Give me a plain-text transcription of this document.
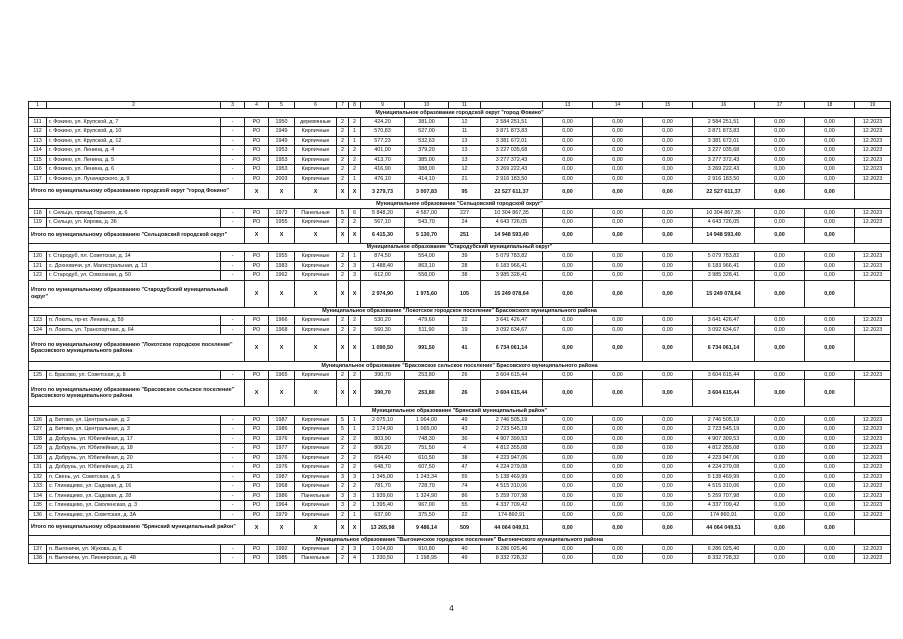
1	2	3	4	5	6	7	8	9	10	11		13	14	15	16	17	18	19
Муниципальное образование городской округ "город Фокино"																		
111	г. Фокино, ул. Крупской, д. 7	-	РО	1950	деревянные	2	2	424,20	381,00	12	2 584 251,51	0,00	0,00	0,00	2 584 251,51	0,00	0,00	12.2023
112	г. Фокино, ул. Крупской, д. 10	-	РО	1949	Кирпичные	2	1	570,83	527,00	11	3 871 873,83	0,00	0,00	0,00	3 871 873,83	0,00	0,00	12.2023
113	г. Фокино, ул. Крупской, д. 12	-	РО	1949	Кирпичные	2	1	577,23	532,63	13	3 381 672,01	0,00	0,00	0,00	3 381 672,01	0,00	0,00	12.2023
114	г. Фокино, ул. Ленина, д. 4	-	РО	1953	Кирпичные	2	2	401,00	379,20	13	3 227 035,68	0,00	0,00	0,00	3 227 035,68	0,00	0,00	12.2023
115	г. Фокино, ул. Ленина, д. 5	-	РО	1953	Кирпичные	2	2	413,70	385,00	13	3 277 372,43	0,00	0,00	0,00	3 277 372,43	0,00	0,00	12.2023
116	г. Фокино, ул. Ленина, д. 6	-	РО	1953	Кирпичные	2	2	416,90	388,00	12	3 269 222,43	0,00	0,00	0,00	3 269 222,43	0,00	0,00	12.2023
117	г. Фокино, ул. Луначарского, д. 9	-	РО	2003	Кирпичные	2	1	476,10	414,10	21	2 916 183,50	0,00	0,00	0,00	2 916 183,50	0,00	0,00	12.2023
Итого по муниципальному образованию городской округ "город Фокино"			X	X	X	X	X	3 279,73	3 007,83	95	22 527 611,37	0,00	0,00	0,00	22 527 611,37	0,00	0,00	
Муниципальное образование "Сельцовский городской округ"																		
118	г. Сельцо, проезд Горького, д. 6	-	РО	1973	Панельные	5	6	5 848,20	4 587,00	227	10 304 867,35	0,00	0,00	0,00	10 304 867,35	0,00	0,00	12.2023
119	г. Сельцо, ул. Кирова, д. 36	-	РО	1955	Кирпичные	2	2	567,10	543,70	24	4 643 726,05	0,00	0,00	0,00	4 643 726,05	0,00	0,00	12.2023
Итого по муниципальному образованию "Сельцовский городской округ"			X	X	X	X	X	6 415,30	5 130,70	251	14 948 593,40	0,00	0,00	0,00	14 948 593,40	0,00	0,00	
Муниципальное образование "Стародубский муниципальный округ"																		
120	г. Стародуб, пл. Советская, д. 14	-	РО	1955	Кирпичные	2	1	874,50	554,00	39	5 079 783,82	0,00	0,00	0,00	5 079 783,82	0,00	0,00	12.2023
121	с. Дохновичи, ул. Магистральная, д. 13	-	РО	1983	Кирпичные	2	3	1 488,40	863,10	28	6 183 966,41	0,00	0,00	0,00	6 183 966,41	0,00	0,00	12.2023
122	г. Стародуб, ул. Совхозная, д. 50	-	РО	1962	Кирпичные	2	3	612,00	558,00	38	3 985 328,41	0,00	0,00	0,00	3 985 328,41	0,00	0,00	12.2023
Итого по муниципальному образованию "Стародубский муниципальный округ"			X	X	X	X	X	2 974,90	1 975,60	105	15 249 078,64	0,00	0,00	0,00	15 249 078,64	0,00	0,00	
Муниципальное образование "Локотское городское поселение" Брасовского муниципального района																		
123	п. Локоть, пр-кт. Ленина, д. 59	-	РО	1966	Кирпичные	2	2	530,20	479,60	22	3 641 426,47	0,00	0,00	0,00	3 641 426,47	0,00	0,00	12.2023
124	п. Локоть, ул. Транспортная, д. 64	-	РО	1968	Кирпичные	2	2	560,30	511,90	19	3 092 634,67	0,00	0,00	0,00	3 092 634,67	0,00	0,00	12.2023
Итого по муниципальному образованию "Локотское городское поселение" Брасовского муниципального района			X	X	X	X	X	1 090,50	991,50	41	6 734 061,14	0,00	0,00	0,00	6 734 061,14	0,00	0,00	
Муниципальное образование "Брасовское сельское поселение" Брасовского муниципального района																		
125	с. Брасово, ул. Советская, д. 8	-	РО	1965	Кирпичные	2	2	390,70	253,80	26	3 604 615,44	0,00	0,00	0,00	3 604 615,44	0,00	0,00	12.2023
Итого по муниципальному образованию "Брасовское сельское поселение" Брасовского муниципального района			X	X	X	X	X	390,70	253,80	26	3 604 615,44	0,00	0,00	0,00	3 604 615,44	0,00	0,00	
Муниципальное образование "Брянский муниципальный район"																		
126	д. Бетово, ул. Центральная, д. 2	-	РО	1987	Кирпичные	5	1	2 075,10	1 064,00	49	2 746 505,19	0,00	0,00	0,00	2 746 505,19	0,00	0,00	12.2023
127	д. Бетово, ул. Центральная, д. 3	-	РО	1986	Кирпичные	5	1	2 174,90	1 065,00	43	2 723 545,19	0,00	0,00	0,00	2 723 545,19	0,00	0,00	12.2023
128	д. Добрунь, ул. Юбилейная, д. 17	-	РО	1976	Кирпичные	2	2	803,90	748,30	36	4 907 399,53	0,00	0,00	0,00	4 907 399,53	0,00	0,00	12.2023
129	д. Добрунь, ул. Юбилейная, д. 18	-	РО	1977	Кирпичные	2	2	806,20	751,50	4	4 812 355,08	0,00	0,00	0,00	4 812 355,08	0,00	0,00	12.2023
130	д. Добрунь, ул. Юбилейная, д. 20	-	РО	1976	Кирпичные	2	2	654,40	610,50	38	4 223 947,06	0,00	0,00	0,00	4 223 947,06	0,00	0,00	12.2023
131	д. Добрунь, ул. Юбилейная, д. 21	-	РО	1976	Кирпичные	2	2	648,70	607,50	47	4 224 279,08	0,00	0,00	0,00	4 224 279,08	0,00	0,00	12.2023
132	п. Свень, ул. Советская, д. 5	-	РО	1987	Кирпичные	3	3	1 345,00	1 243,34	55	5 138 469,99	0,00	0,00	0,00	5 138 469,99	0,00	0,00	12.2023
133	с. Глинищево, ул. Садовая, д. 16	-	РО	1968	Кирпичные	2	2	781,70	728,70	74	4 515 310,06	0,00	0,00	0,00	4 515 310,06	0,00	0,00	12.2023
134	с. Глинищево, ул. Садовая, д. 28	-	РО	1986	Панельные	3	3	1 939,60	1 324,90	86	5 259 707,98	0,00	0,00	0,00	5 259 707,98	0,00	0,00	12.2023
135	с. Глинищево, ул. Смоленская, д. 3	-	РО	1964	Кирпичные	3	2	1 395,40	967,00	55	4 337 709,42	0,00	0,00	0,00	4 337 709,42	0,00	0,00	12.2023
136	с. Глинищево, ул. Советская, д. 3А	-	РО	1979	Кирпичные	2	1	637,90	375,50	22	174 860,91	0,00	0,00	0,00	174 860,91	0,00	0,00	12.2023
Итого по муниципальному образованию "Брянский муниципальный район"			X	X	X	X	X	13 265,98	9 486,14	509	44 064 049,51	0,00	0,00	0,00	44 064 049,51	0,00	0,00	
Муниципальное образование "Выгоничское городское поселение" Выгоничского муниципального района																		
137	п. Выгоничи, ул. Жукова, д. 6	-	РО	1992	Кирпичные	2	3	1 014,60	910,80	40	6 286 025,46	0,00	0,00	0,00	6 286 025,46	0,00	0,00	12.2023
138	п. Выгоничи, ул. Пионерская, д. 48	-	РО	1985	Панельные	2	4	1 330,50	1 198,95	49	8 332 728,32	0,00	0,00	0,00	8 332 728,32	0,00	0,00	12.2023
4
